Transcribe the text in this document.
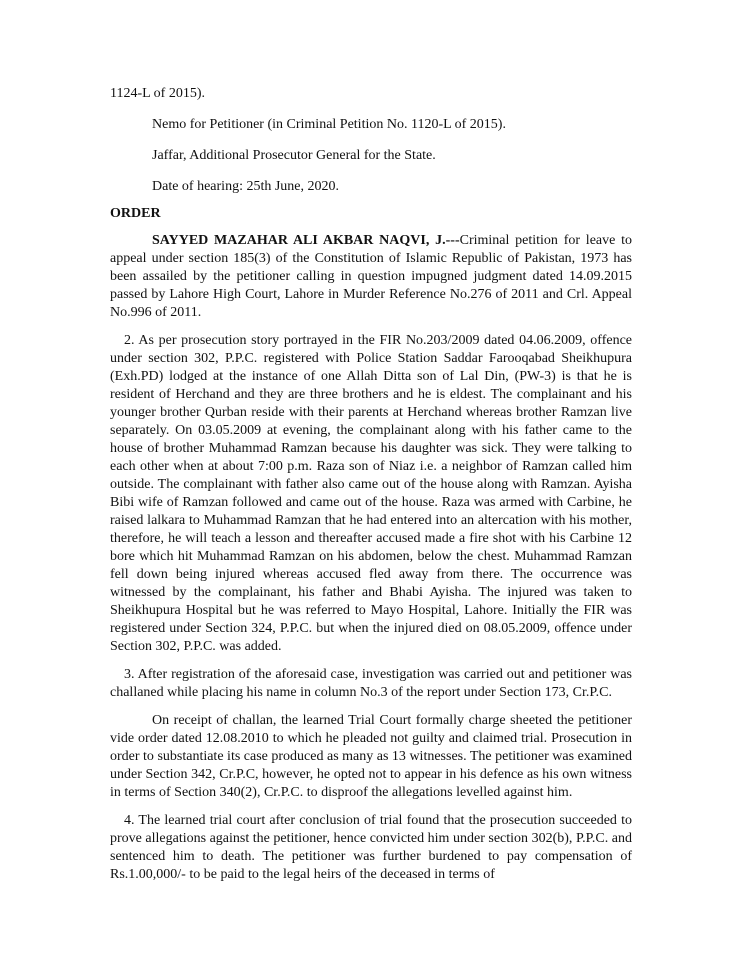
1124-L of 2015).

Nemo for Petitioner (in Criminal Petition No. 1120-L of 2015).

Jaffar, Additional Prosecutor General for the State.

Date of hearing: 25th June, 2020.

ORDER

SAYYED MAZAHAR ALI AKBAR NAQVI, J.---Criminal petition for leave to appeal under section 185(3) of the Constitution of Islamic Republic of Pakistan, 1973 has been assailed by the petitioner calling in question impugned judgment dated 14.09.2015 passed by Lahore High Court, Lahore in Murder Reference No.276 of 2011 and Crl. Appeal No.996 of 2011.

2. As per prosecution story portrayed in the FIR No.203/2009 dated 04.06.2009, offence under section 302, P.P.C. registered with Police Station Saddar Farooqabad Sheikhupura (Exh.PD) lodged at the instance of one Allah Ditta son of Lal Din, (PW-3) is that he is resident of Herchand and they are three brothers and he is eldest. The complainant and his younger brother Qurban reside with their parents at Herchand whereas brother Ramzan live separately. On 03.05.2009 at evening, the complainant along with his father came to the house of brother Muhammad Ramzan because his daughter was sick. They were talking to each other when at about 7:00 p.m. Raza son of Niaz i.e. a neighbor of Ramzan called him outside. The complainant with father also came out of the house along with Ramzan. Ayisha Bibi wife of Ramzan followed and came out of the house. Raza was armed with Carbine, he raised lalkara to Muhammad Ramzan that he had entered into an altercation with his mother, therefore, he will teach a lesson and thereafter accused made a fire shot with his Carbine 12 bore which hit Muhammad Ramzan on his abdomen, below the chest. Muhammad Ramzan fell down being injured whereas accused fled away from there. The occurrence was witnessed by the complainant, his father and Bhabi Ayisha. The injured was taken to Sheikhupura Hospital but he was referred to Mayo Hospital, Lahore. Initially the FIR was registered under Section 324, P.P.C. but when the injured died on 08.05.2009, offence under Section 302, P.P.C. was added.

3. After registration of the aforesaid case, investigation was carried out and petitioner was challaned while placing his name in column No.3 of the report under Section 173, Cr.P.C.

On receipt of challan, the learned Trial Court formally charge sheeted the petitioner vide order dated 12.08.2010 to which he pleaded not guilty and claimed trial. Prosecution in order to substantiate its case produced as many as 13 witnesses. The petitioner was examined under Section 342, Cr.P.C, however, he opted not to appear in his defence as his own witness in terms of Section 340(2), Cr.P.C. to disproof the allegations levelled against him.

4. The learned trial court after conclusion of trial found that the prosecution succeeded to prove allegations against the petitioner, hence convicted him under section 302(b), P.P.C. and sentenced him to death. The petitioner was further burdened to pay compensation of Rs.1.00,000/- to be paid to the legal heirs of the deceased in terms of
